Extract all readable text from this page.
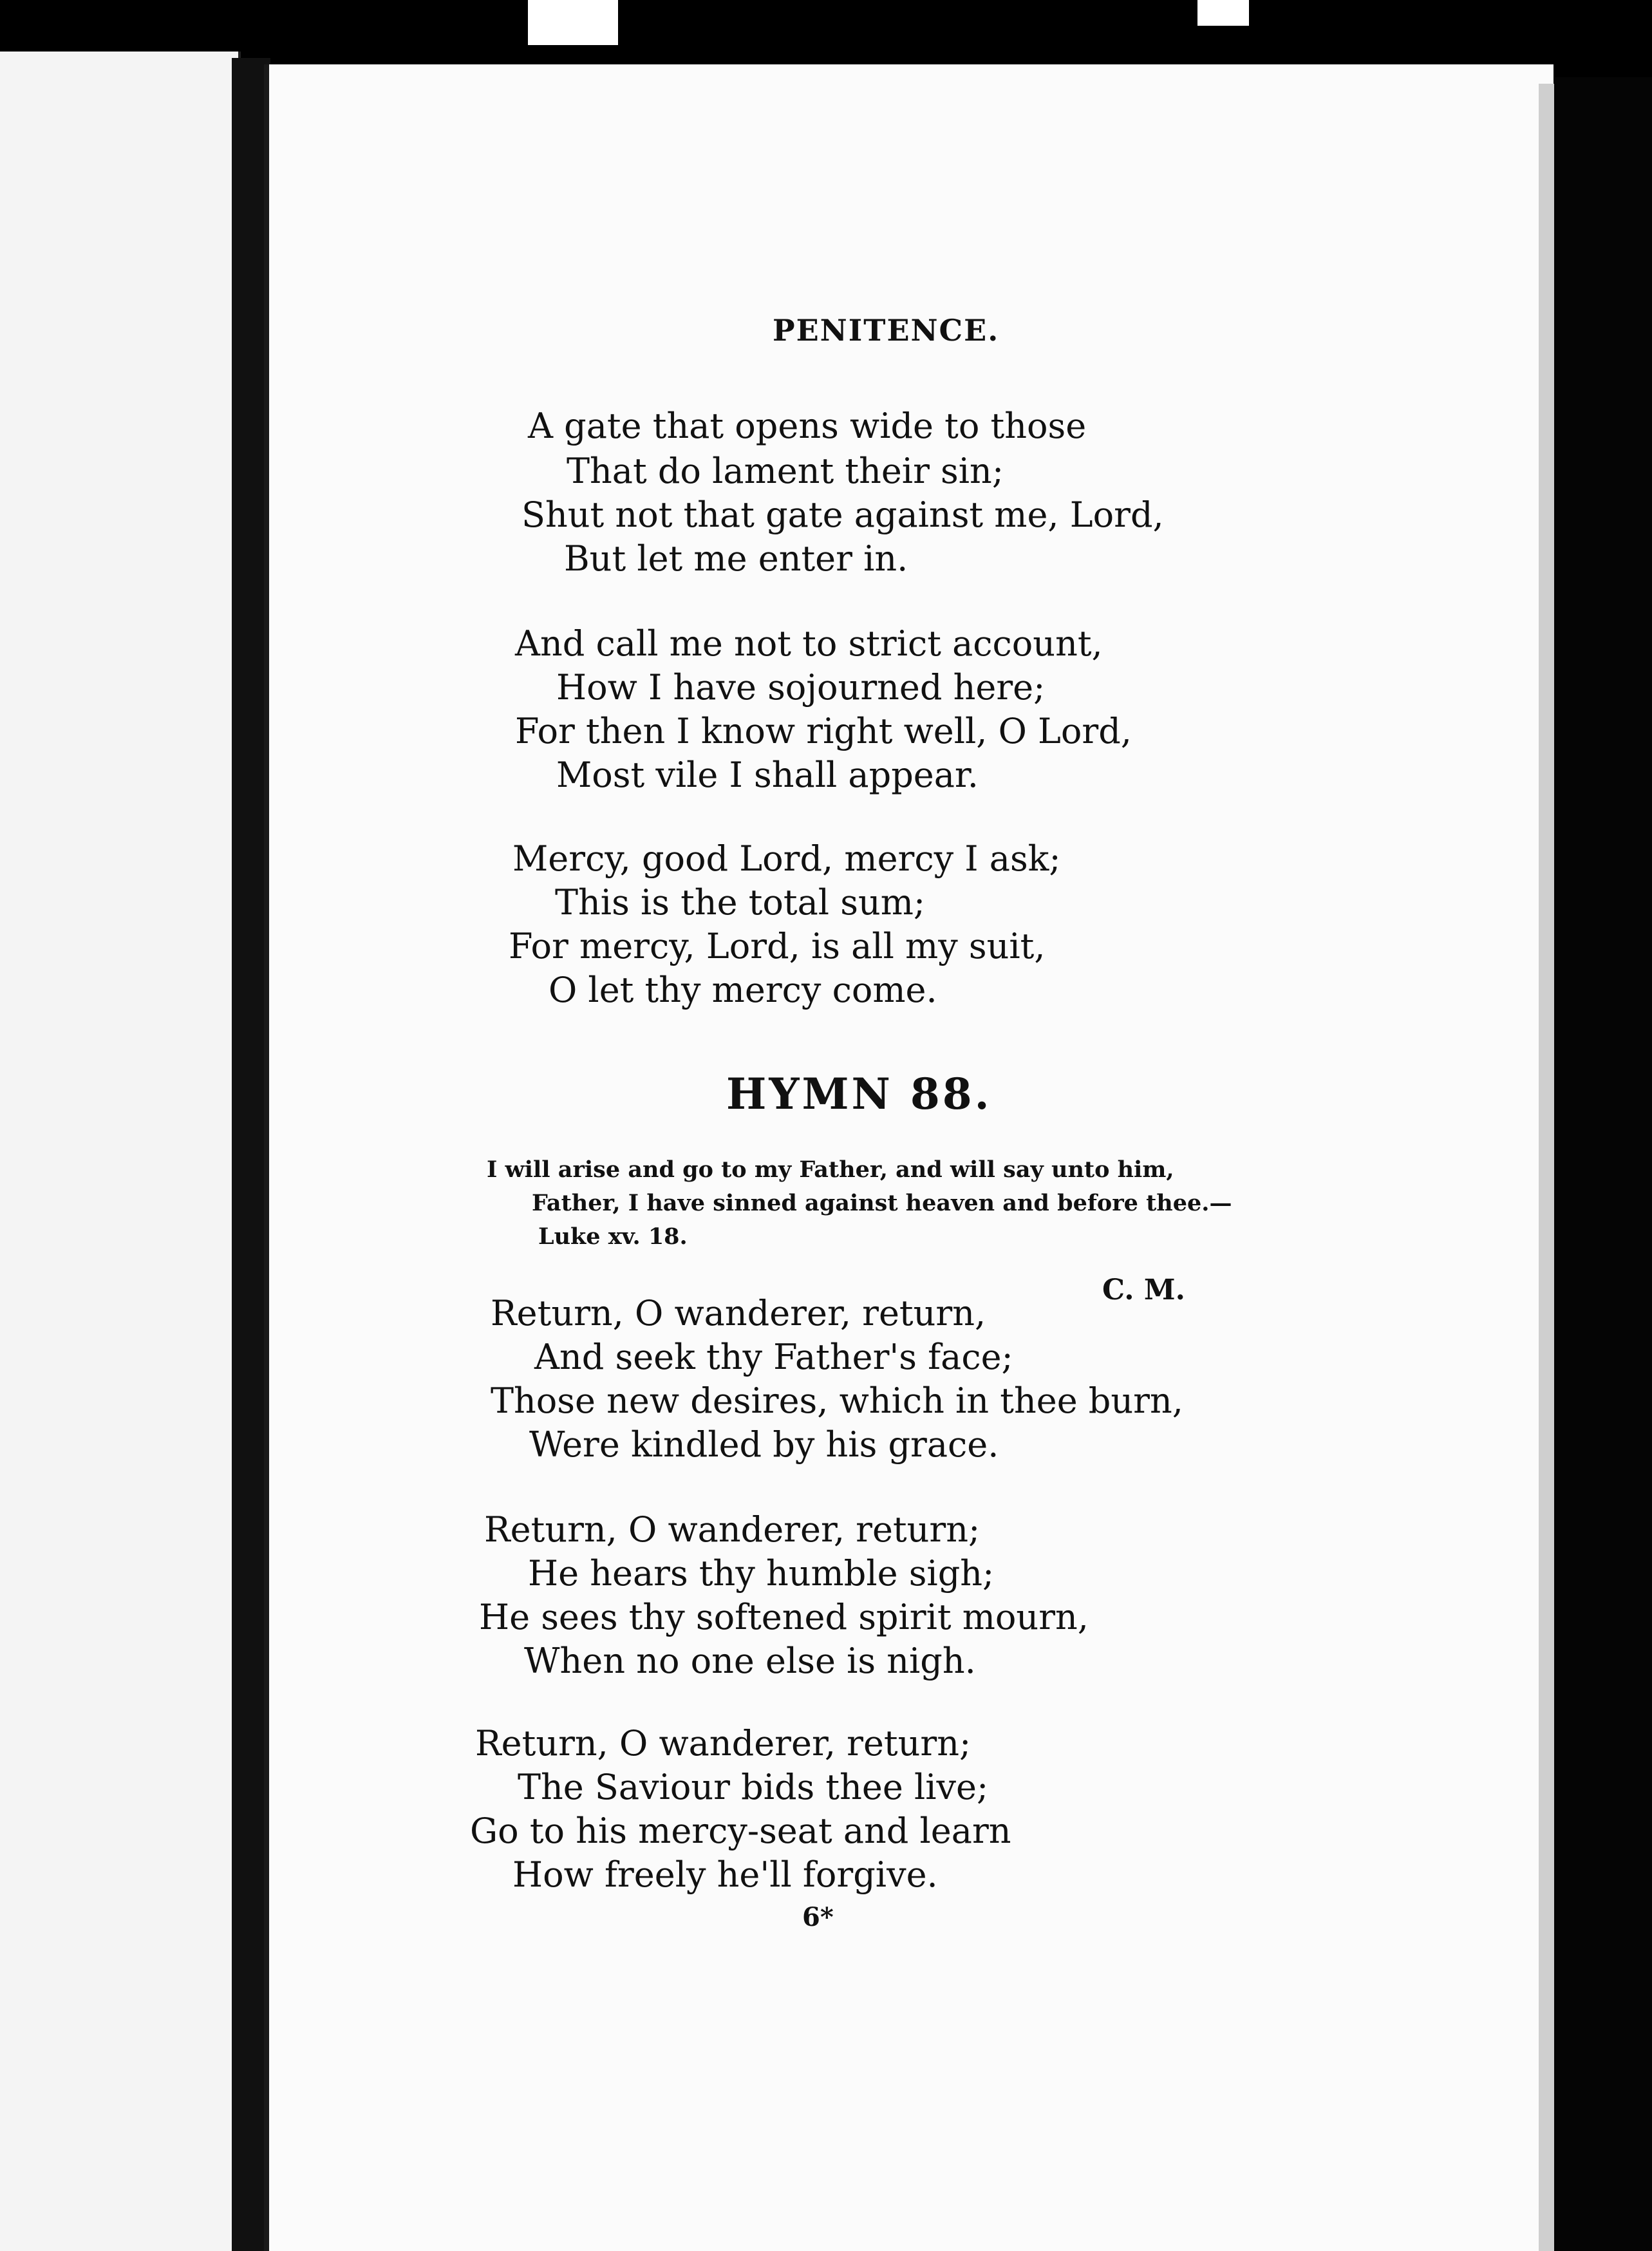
PENITENCE.
A gate that opens wide to those
That do lament their sin;
Shut not that gate against me, Lord,
But let me enter in.
And call me not to strict account,
How I have sojourned here;
For then I know right well, O Lord,
Most vile I shall appear.
Mercy, good Lord, mercy I ask;
This is the total sum;
For mercy, Lord, is all my suit,
O let thy mercy come.
HYMN 88.
I will arise and go to my Father, and will say unto him,
Father, I have sinned against heaven and before thee.—
Luke xv. 18.
C. M.
Return, O wanderer, return,
And seek thy Father's face;
Those new desires, which in thee burn,
Were kindled by his grace.
Return, O wanderer, return;
He hears thy humble sigh;
He sees thy softened spirit mourn,
When no one else is nigh.
Return, O wanderer, return;
The Saviour bids thee live;
Go to his mercy-seat and learn
How freely he'll forgive.
6*
